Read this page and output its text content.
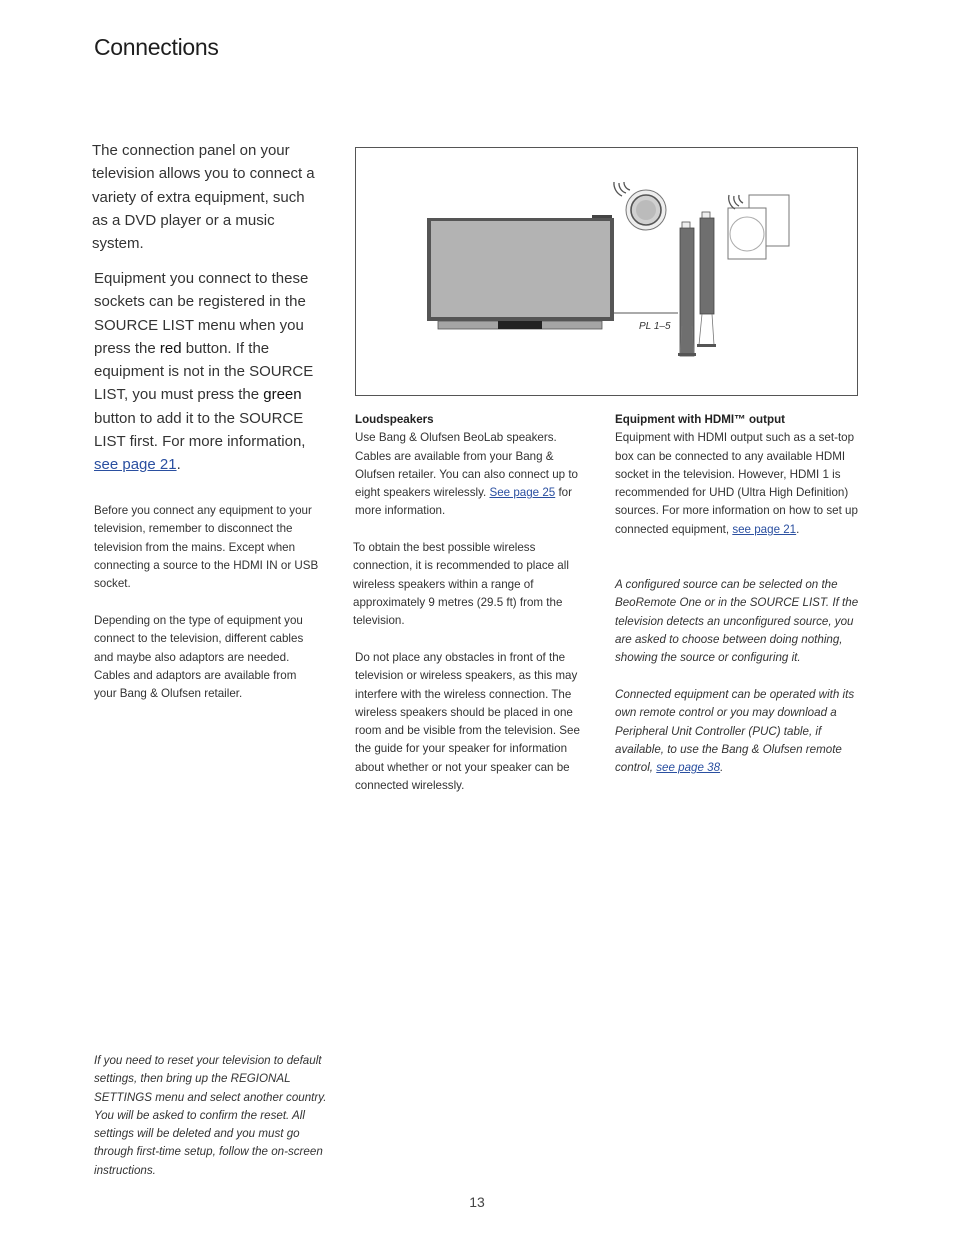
Connections

The connection panel on your television allows you to connect a variety of extra equipment, such as a DVD player or a music system.

Equipment you connect to these sockets can be registered in the SOURCE LIST menu when you press the red button. If the equipment is not in the SOURCE LIST, you must press the green button to add it to the SOURCE LIST first. For more information, see page 21.

Before you connect any equipment to your television, remember to disconnect the television from the mains. Except when connecting a source to the HDMI IN or USB socket.

Depending on the type of equipment you connect to the television, different cables and maybe also adaptors are needed. Cables and adaptors are available from your Bang & Olufsen retailer.

If you need to reset your television to default settings, then bring up the REGIONAL SETTINGS menu and select another country. You will be asked to confirm the reset. All settings will be deleted and you must go through first-time setup, follow the on-screen instructions.

PL 1–5

Loudspeakers

Use Bang & Olufsen BeoLab speakers. Cables are available from your Bang & Olufsen retailer. You can also connect up to eight speakers wirelessly. See page 25 for more information.

To obtain the best possible wireless connection, it is recommended to place all wireless speakers within a range of approximately 9 metres (29.5 ft) from the television.

Do not place any obstacles in front of the television or wireless speakers, as this may interfere with the wireless connection. The wireless speakers should be placed in one room and be visible from the television. See the guide for your speaker for information about whether or not your speaker can be connected wirelessly.

Equipment with HDMI™ output

Equipment with HDMI output such as a set-top box can be connected to any available HDMI socket in the television. However, HDMI 1 is recommended for UHD (Ultra High Definition) sources. For more information on how to set up connected equipment, see page 21.

A configured source can be selected on the BeoRemote One or in the SOURCE LIST. If the television detects an unconfigured source, you are asked to choose between doing nothing, showing the source or configuring it.

Connected equipment can be operated with its own remote control or you may download a Peripheral Unit Controller (PUC) table, if available, to use the Bang & Olufsen remote control, see page 38.

13
